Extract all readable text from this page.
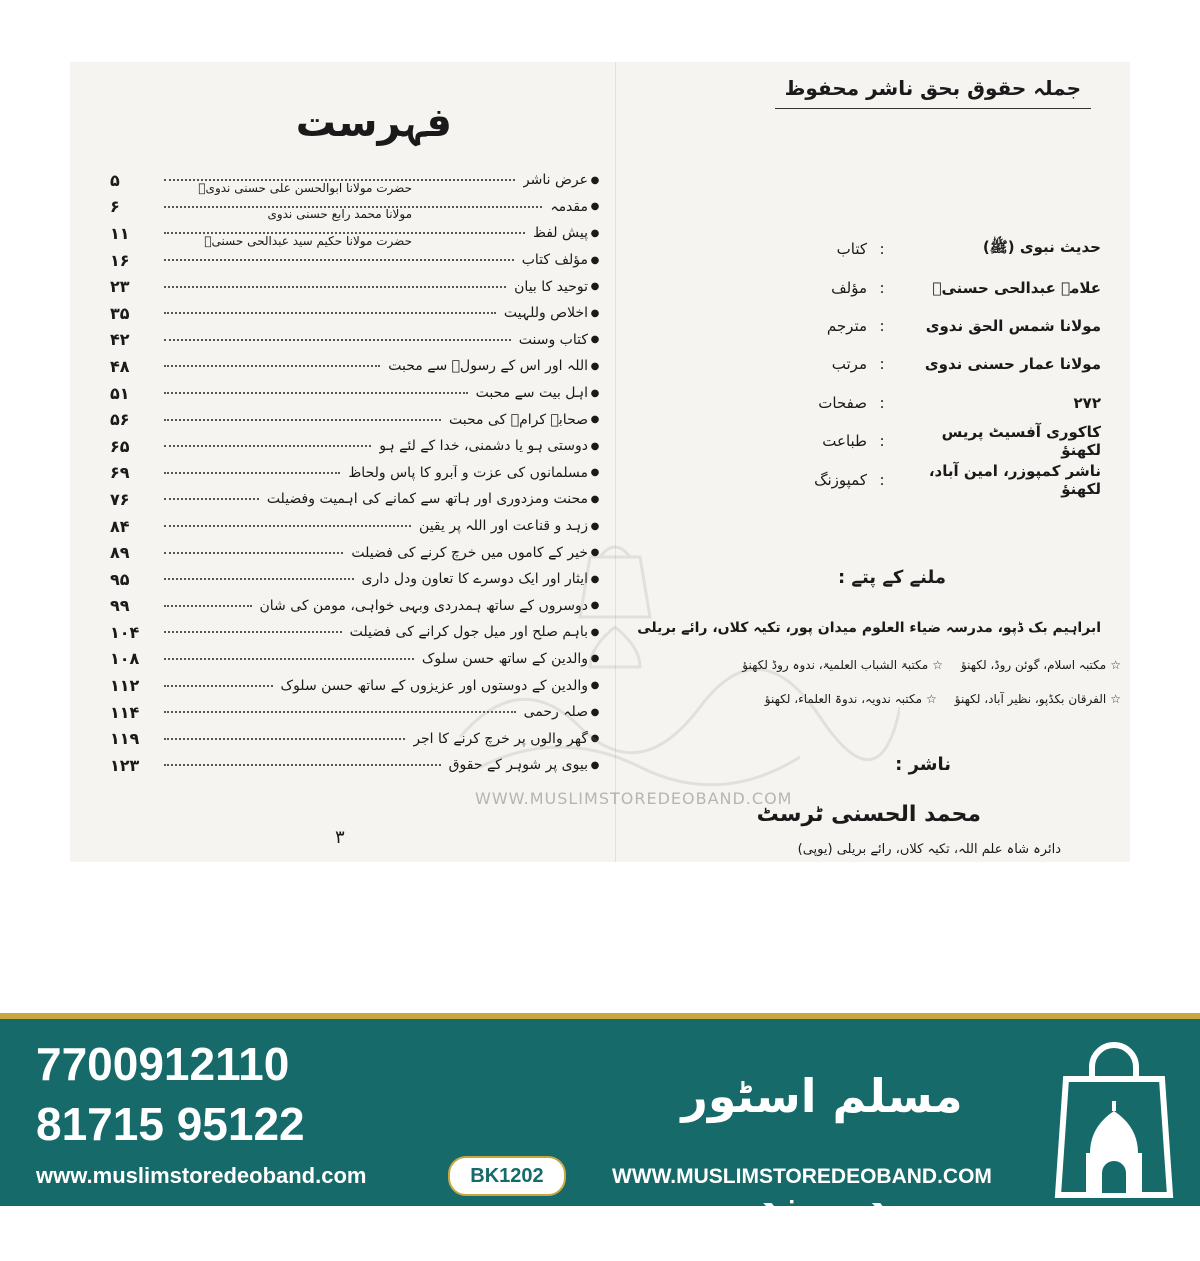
فہرست
۵	عرض ناشر ●
۶	مقدمہ ●
حضرت مولانا ابوالحسن علی حسنی ندویؒ
۱۱	پیش لفظ ●
مولانا محمد رابع حسنی ندوی
۱۶	مؤلف کتاب ●
حضرت مولانا حکیم سید عبدالحی حسنیؒ
۲۳	توحید کا بیان ●
۳۵	اخلاص وللہیت ●
۴۲	کتاب وسنت ●
۴۸	اللہ اور اس کے رسولؐ سے محبت ●
۵۱	اہل بیت سے محبت ●
۵۶	صحابہ کرامؓ کی محبت ●
۶۵	دوستی ہو یا دشمنی، خدا کے لئے ہو ●
۶۹	مسلمانوں کی عزت و آبرو کا پاس ولحاظ ●
۷۶	محنت ومزدوری اور ہاتھ سے کمانے کی اہمیت وفضیلت ●
۸۴	زہد و قناعت اور اللہ پر یقین ●
۸۹	خیر کے کاموں میں خرچ کرنے کی فضیلت ●
۹۵	ایثار اور ایک دوسرے کا تعاون ودل داری ●
۹۹	دوسروں کے ساتھ ہمدردی وبہی خواہی، مومن کی شان ●
۱۰۴	باہم صلح اور میل جول کرانے کی فضیلت ●
۱۰۸	والدین کے ساتھ حسن سلوک ●
۱۱۲	والدین کے دوستوں اور عزیزوں کے ساتھ حسن سلوک ●
۱۱۴	صلہ رحمی ●
۱۱۹	گھر والوں پر خرچ کرنے کا اجر ●
۱۲۳	بیوی پر شوہر کے حقوق ●
۳
جملہ حقوق بحق ناشر محفوظ
کتاب :	حدیث نبوی (ﷺ)
مؤلف :	علامہ عبدالحی حسنیؒ
مترجم :	مولانا شمس الحق ندوی
مرتب :	مولانا عمار حسنی ندوی
صفحات :	۲۷۲
طباعت :	کاکوری آفسیٹ پریس لکھنؤ
کمپوزنگ :	ناشر کمپوزر، امین آباد، لکھنؤ
ملنے کے پتے :
ابراہیم بک ڈپو، مدرسہ ضیاء العلوم میدان پور، تکیہ کلاں، رائے بریلی
☆مکتبۃ الشباب العلمیۃ، ندوہ روڈ لکھنؤ	☆مکتبہ اسلام، گوئن روڈ، لکھنؤ
☆مکتبہ ندویہ، ندوۃ العلماء، لکھنؤ	☆الفرقان بکڈپو، نظیر آباد، لکھنؤ
ناشر :
محمد الحسنی ٹرسٹ
دائرہ شاہ علم اللہ، تکیہ کلاں، رائے بریلی (یوپی)
WWW.MUSLIMSTOREDEOBAND.COM
7700912110
81715 95122
www.muslimstoredeoband.com	BK1202
مسلم اسٹور دیوبند
WWW.MUSLIMSTOREDEOBAND.COM
